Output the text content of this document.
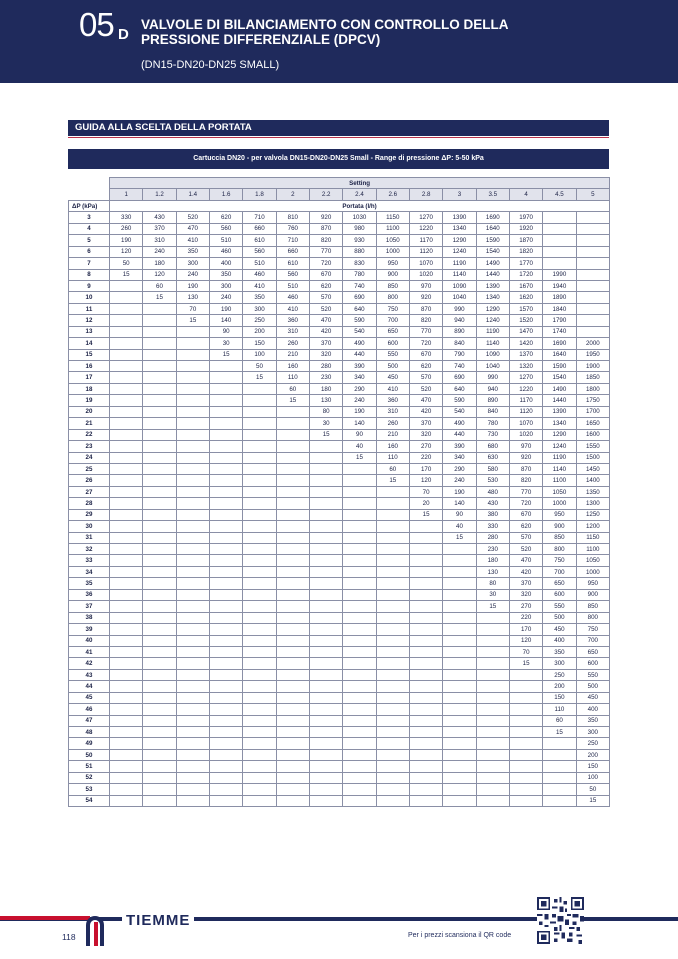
05 D
VALVOLE DI BILANCIAMENTO CON CONTROLLO DELLA
PRESSIONE DIFFERENZIALE (DPCV)
(DN15-DN20-DN25 SMALL)
GUIDA ALLA SCELTA DELLA PORTATA
Cartuccia DN20 - per valvola DN15-DN20-DN25 Small - Range di pressione ΔP: 5-50 kPa
	Setting														
	1	1.2	1.4	1.6	1.8	2	2.2	2.4	2.6	2.8	3	3.5	4	4.5	5
ΔP (kPa)	Portata (l/h)														
3	330	430	520	620	710	810	920	1030	1150	1270	1390	1690	1970		
4	260	370	470	560	660	760	870	980	1100	1220	1340	1640	1920		
5	190	310	410	510	610	710	820	930	1050	1170	1290	1590	1870		
6	120	240	350	460	560	660	770	880	1000	1120	1240	1540	1820		
7	50	180	300	400	510	610	720	830	950	1070	1190	1490	1770		
8	15	120	240	350	460	560	670	780	900	1020	1140	1440	1720	1990	
9		60	190	300	410	510	620	740	850	970	1090	1390	1670	1940	
10		15	130	240	350	460	570	690	800	920	1040	1340	1620	1890	
11			70	190	300	410	520	640	750	870	990	1290	1570	1840	
12			15	140	250	360	470	590	700	820	940	1240	1520	1790	
13				90	200	310	420	540	650	770	890	1190	1470	1740	
14				30	150	260	370	490	600	720	840	1140	1420	1690	2000
15				15	100	210	320	440	550	670	790	1090	1370	1640	1950
16					50	160	280	390	500	620	740	1040	1320	1590	1900
17					15	110	230	340	450	570	690	990	1270	1540	1850
18						60	180	290	410	520	640	940	1220	1490	1800
19						15	130	240	360	470	590	890	1170	1440	1750
20							80	190	310	420	540	840	1120	1390	1700
21							30	140	260	370	490	780	1070	1340	1650
22							15	90	210	320	440	730	1020	1290	1600
23								40	160	270	390	680	970	1240	1550
24								15	110	220	340	630	920	1190	1500
25									60	170	290	580	870	1140	1450
26									15	120	240	530	820	1100	1400
27										70	190	480	770	1050	1350
28										20	140	430	720	1000	1300
29										15	90	380	670	950	1250
30											40	330	620	900	1200
31											15	280	570	850	1150
32												230	520	800	1100
33												180	470	750	1050
34												130	420	700	1000
35												80	370	650	950
36												30	320	600	900
37												15	270	550	850
38													220	500	800
39													170	450	750
40													120	400	700
41													70	350	650
42													15	300	600
43														250	550
44														200	500
45														150	450
46														110	400
47														60	350
48														15	300
49															250
50															200
51															150
52															100
53															50
54															15
TIEMME
118	Per i prezzi scansiona il QR code
